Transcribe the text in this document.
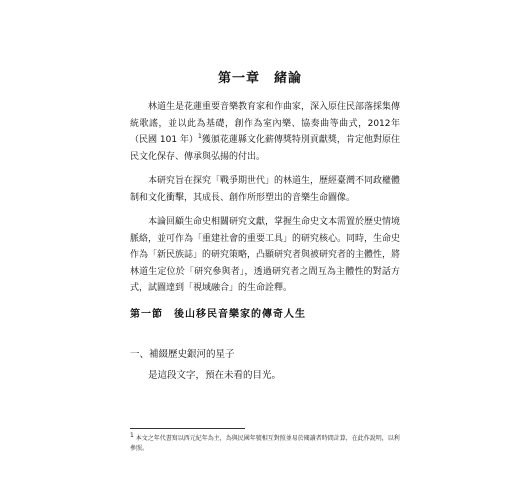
第一章　緒論

林道生是花蓮重要音樂教育家和作曲家，深入原住民部落採集傳統歌謠，並以此為基礎，創作為室內樂、協奏曲等曲式，2012年（民國 101 年）$^1$獲頒花蓮縣文化薪傳獎特別貢獻獎，肯定他對原住民文化保存、傳承與弘揚的付出。

本研究旨在探究「戰爭期世代」的林道生，歷經臺灣不同政權體制和文化衝擊，其成長、創作所形塑出的音樂生命圖像。

本論回顧生命史相關研究文獻，掌握生命史文本需置於歷史情境脈絡，並可作為「重建社會的重要工具」的研究核心。同時，生命史作為「新民族誌」的研究策略，凸顯研究者與被研究者的主體性，將林道生定位於「研究參與者」，透過研究者之間互為主體性的對話方式，試圖達到「視域融合」的生命詮釋。

第一節　後山移民音樂家的傳奇人生
一、補綴歷史銀河的星子
是這段文字，預在未看的目光。
1 本文之年代書寫以西元紀年為主，為與民國年號相互對照並易於閱讀者時間計算，在此作說明，以利參照。
